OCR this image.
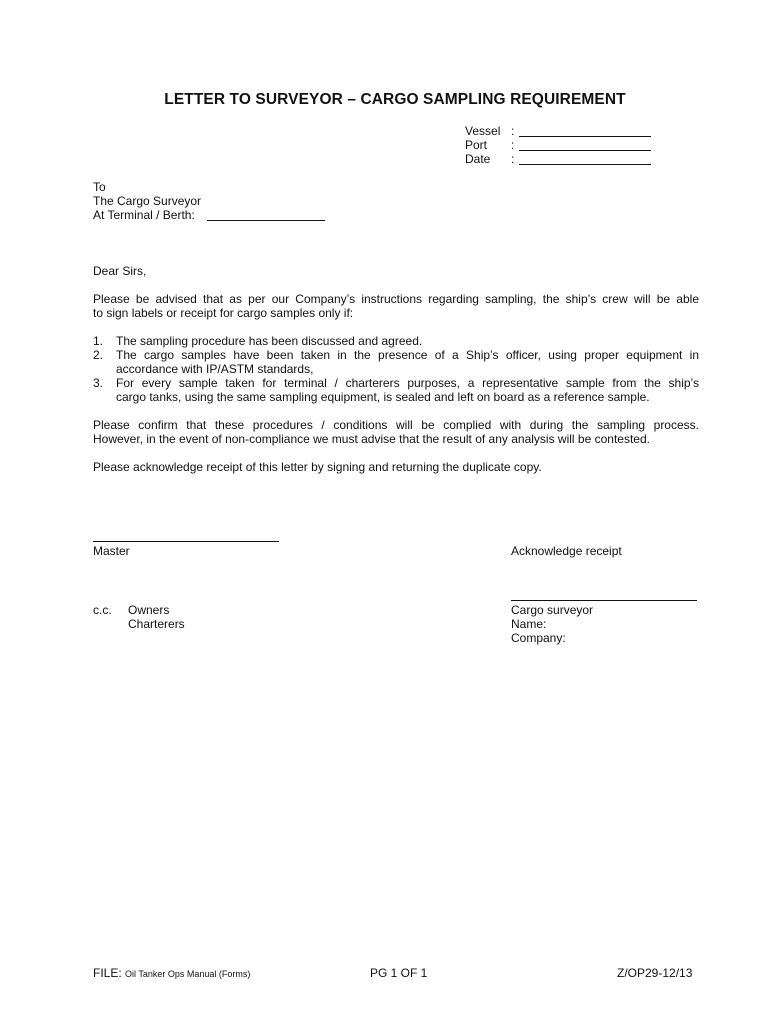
LETTER TO SURVEYOR – CARGO SAMPLING REQUIREMENT
Vessel :
Port :
Date :
To
The Cargo Surveyor
At Terminal / Berth:
Dear Sirs,
Please be advised that as per our Company’s instructions regarding sampling, the ship’s crew will be able
to sign labels or receipt for cargo samples only if:
1. The sampling procedure has been discussed and agreed.
2. The cargo samples have been taken in the presence of a Ship’s officer, using proper equipment in
accordance with IP/ASTM standards,
3. For every sample taken for terminal / charterers purposes, a representative sample from the ship’s
cargo tanks, using the same sampling equipment, is sealed and left on board as a reference sample.
Please confirm that these procedures / conditions will be complied with during the sampling process.
However, in the event of non-compliance we must advise that the result of any analysis will be contested.
Please acknowledge receipt of this letter by signing and returning the duplicate copy.
Master	Acknowledge receipt
c.c. Owners
Charterers
Cargo surveyor
Name:
Company:
FILE: Oil Tanker Ops Manual (Forms)	PG 1 OF 1	Z/OP29-12/13
